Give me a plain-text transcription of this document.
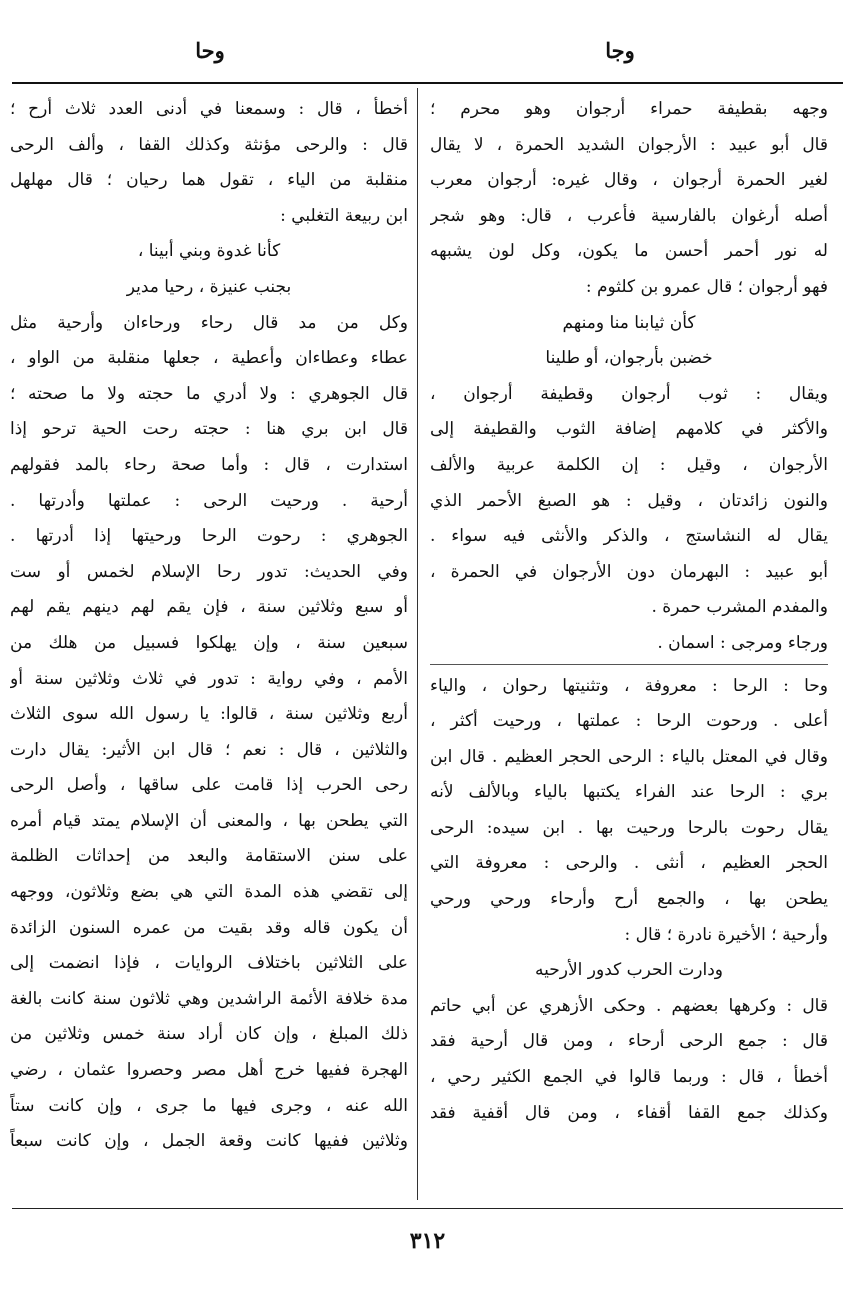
وجا
وحا
وجهه بقطيفة حمراء أرجوان وهو محرم ؛
قال أبو عبيد : الأرجوان الشديد الحمرة ، لا يقال
لغير الحمرة أرجوان ، وقال غيره: أرجوان معرب
أصله أرغوان بالفارسية فأعرب ، قال: وهو شجر
له نور أحمر أحسن ما يكون، وكل لون يشبهه
فهو أرجوان ؛ قال عمرو بن كلثوم :
كأن ثيابنا منا ومنهم
خضبن بأرجوان، أو طلينا
ويقال : ثوب أرجوان وقطيفة أرجوان ،
والأكثر في كلامهم إضافة الثوب والقطيفة إلى
الأرجوان ، وقيل : إن الكلمة عربية والألف
والنون زائدتان ، وقيل : هو الصبغ الأحمر الذي
يقال له النشاستج ، والذكر والأنثى فيه سواء .
أبو عبيد : البهرمان دون الأرجوان في الحمرة ،
والمفدم المشرب حمرة .
ورجاء ومرجى : اسمان .
وحا : الرحا : معروفة ، وتثنيتها رحوان ، والياء
أعلى . ورحوت الرحا : عملتها ، ورحيت أكثر ،
وقال في المعتل بالياء : الرحى الحجر العظيم . قال ابن
بري : الرحا عند الفراء يكتبها بالياء وبالألف لأنه
يقال رحوت بالرحا ورحيت بها . ابن سيده: الرحى
الحجر العظيم ، أنثى . والرحى : معروفة التي
يطحن بها ، والجمع أرح وأرحاء ورحي ورحي
وأرحية ؛ الأخيرة نادرة ؛ قال :
ودارت الحرب كدور الأرحيه
قال : وكرهها بعضهم . وحكى الأزهري عن أبي حاتم
قال : جمع الرحى أرحاء ، ومن قال أرحية فقد
أخطأ ، قال : وربما قالوا في الجمع الكثير رحي ،
وكذلك جمع القفا أقفاء ، ومن قال أقفية فقد
أخطأ ، قال : وسمعنا في أدنى العدد ثلاث أرح ؛
قال : والرحى مؤنثة وكذلك القفا ، وألف الرحى
منقلبة من الياء ، تقول هما رحيان ؛ قال مهلهل
ابن ربيعة التغلبي :
كأنا غدوة وبني أبينا ،
بجنب عنيزة ، رحيا مدير
وكل من مد قال رحاء ورحاءان وأرحية مثل
عطاء وعطاءان وأعطية ، جعلها منقلبة من الواو ،
قال الجوهري : ولا أدري ما حجته ولا ما صحته ؛
قال ابن بري هنا : حجته رحت الحية ترحو إذا
استدارت ، قال : وأما صحة رحاء بالمد فقولهم
أرحية . ورحيت الرحى : عملتها وأدرتها .
الجوهري : رحوت الرحا ورحيتها إذا أدرتها .
وفي الحديث: تدور رحا الإسلام لخمس أو ست
أو سبع وثلاثين سنة ، فإن يقم لهم دينهم يقم لهم
سبعين سنة ، وإن يهلكوا فسبيل من هلك من
الأمم ، وفي رواية : تدور في ثلاث وثلاثين سنة أو
أربع وثلاثين سنة ، قالوا: يا رسول الله سوى الثلاث
والثلاثين ، قال : نعم ؛ قال ابن الأثير: يقال دارت
رحى الحرب إذا قامت على ساقها ، وأصل الرحى
التي يطحن بها ، والمعنى أن الإسلام يمتد قيام أمره
على سنن الاستقامة والبعد من إحداثات الظلمة
إلى تقضي هذه المدة التي هي بضع وثلاثون، ووجهه
أن يكون قاله وقد بقيت من عمره السنون الزائدة
على الثلاثين باختلاف الروايات ، فإذا انضمت إلى
مدة خلافة الأئمة الراشدين وهي ثلاثون سنة كانت بالغة
ذلك المبلغ ، وإن كان أراد سنة خمس وثلاثين من
الهجرة ففيها خرج أهل مصر وحصروا عثمان ، رضي
الله عنه ، وجرى فيها ما جرى ، وإن كانت ستاً
وثلاثين ففيها كانت وقعة الجمل ، وإن كانت سبعاً
٣١٢
